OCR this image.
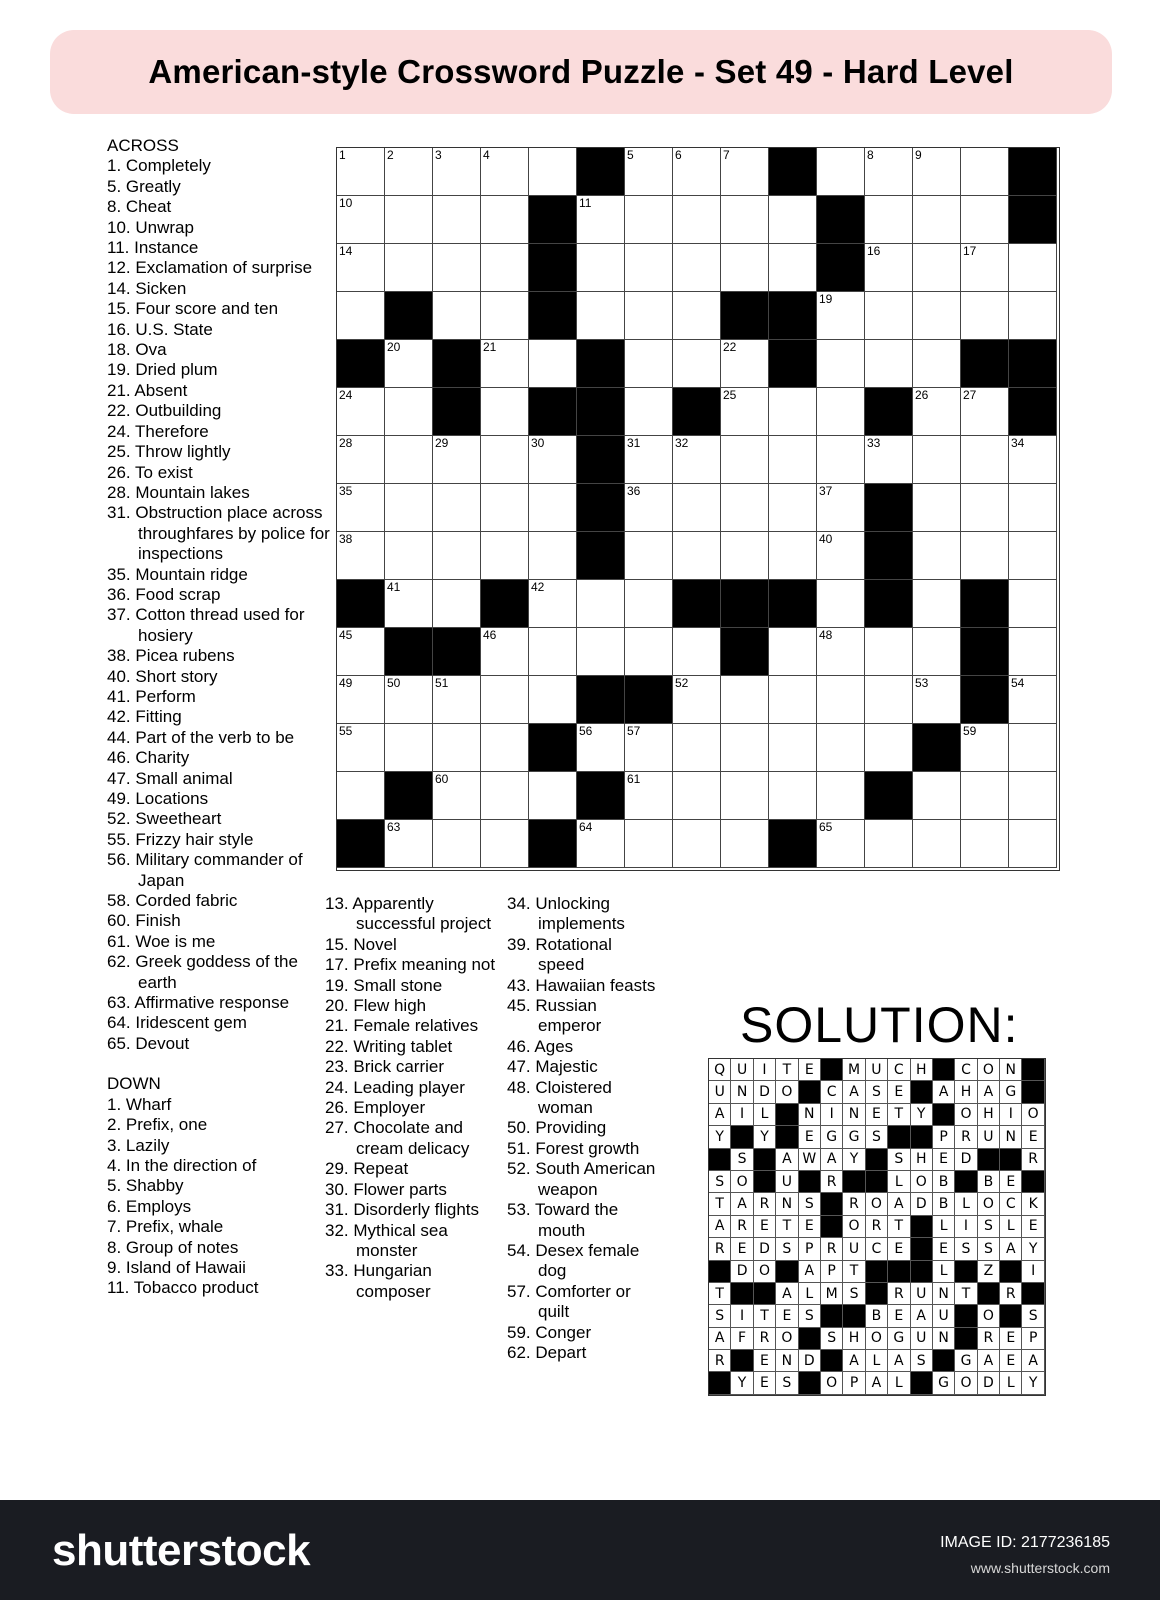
American-style Crossword Puzzle - Set 49 - Hard Level
ACROSS
1. Completely
5. Greatly
8. Cheat
10. Unwrap
11. Instance
12. Exclamation of surprise
14. Sicken
15. Four score and ten
16. U.S. State
18. Ova
19. Dried plum
21. Absent
22. Outbuilding
24. Therefore
25. Throw lightly
26. To exist
28. Mountain lakes
31. Obstruction place across throughfares by police for inspections
35. Mountain ridge
36. Food scrap
37. Cotton thread used for hosiery
38. Picea rubens
40. Short story
41. Perform
42. Fitting
44. Part of the verb to be
46. Charity
47. Small animal
49. Locations
52. Sweetheart
55. Frizzy hair style
56. Military commander of Japan
58. Corded fabric
60. Finish
61. Woe is me
62. Greek goddess of the earth
63. Affirmative response
64. Iridescent gem
65. Devout
DOWN
1. Wharf
2. Prefix, one
3. Lazily
4. In the direction of
5. Shabby
6. Employs
7. Prefix, whale
8. Group of notes
9. Island of Hawaii
11. Tobacco product
1	2	3	4	5	6	7	8	9
10	11
14	16	17
19
20	21	22
24	25	26	27
28	29	30	31	32	33	34
35	36	37
38	40
41	42
45	46	48
49	50	51	52	53	54
55	56	57	59
60	61
63	64	65
13. Apparently successful project
15. Novel
17. Prefix meaning not
19. Small stone
20. Flew high
21. Female relatives
22. Writing tablet
23. Brick carrier
24. Leading player
26. Employer
27. Chocolate and cream delicacy
29. Repeat
30. Flower parts
31. Disorderly flights
32. Mythical sea monster
33. Hungarian composer
34. Unlocking implements
39. Rotational speed
43. Hawaiian feasts
45. Russian emperor
46. Ages
47. Majestic
48. Cloistered woman
50. Providing
51. Forest growth
52. South American weapon
53. Toward the mouth
54. Desex female dog
57. Comforter or quilt
59. Conger
62. Depart
SOLUTION:
Q U	I	T E	M U C H	C O N
U N D O	C A S E	A H A G
A	I	L	N	I	N E T Y	O H	I	O
Y	Y	E G G S	P R U N E
S	A W A Y	S H E D	R
S O	U	R	L O B	B E
T A R N S	R O A D B L O C K
A R E T E	O R T	L	I	S	L	E
R E D S P R U C E	E S S A Y
D O	A P T	L	Z	I
T	A L M S	R U N T	R
S	I	T E S	B E A U	O	S
A F R O	S H O G U N	R E P
R	E N D	A L A S	G A E A
Y E S	O P A L	G O D L	Y
shutterstock	IMAGE ID: 2177236185
www.shutterstock.com
